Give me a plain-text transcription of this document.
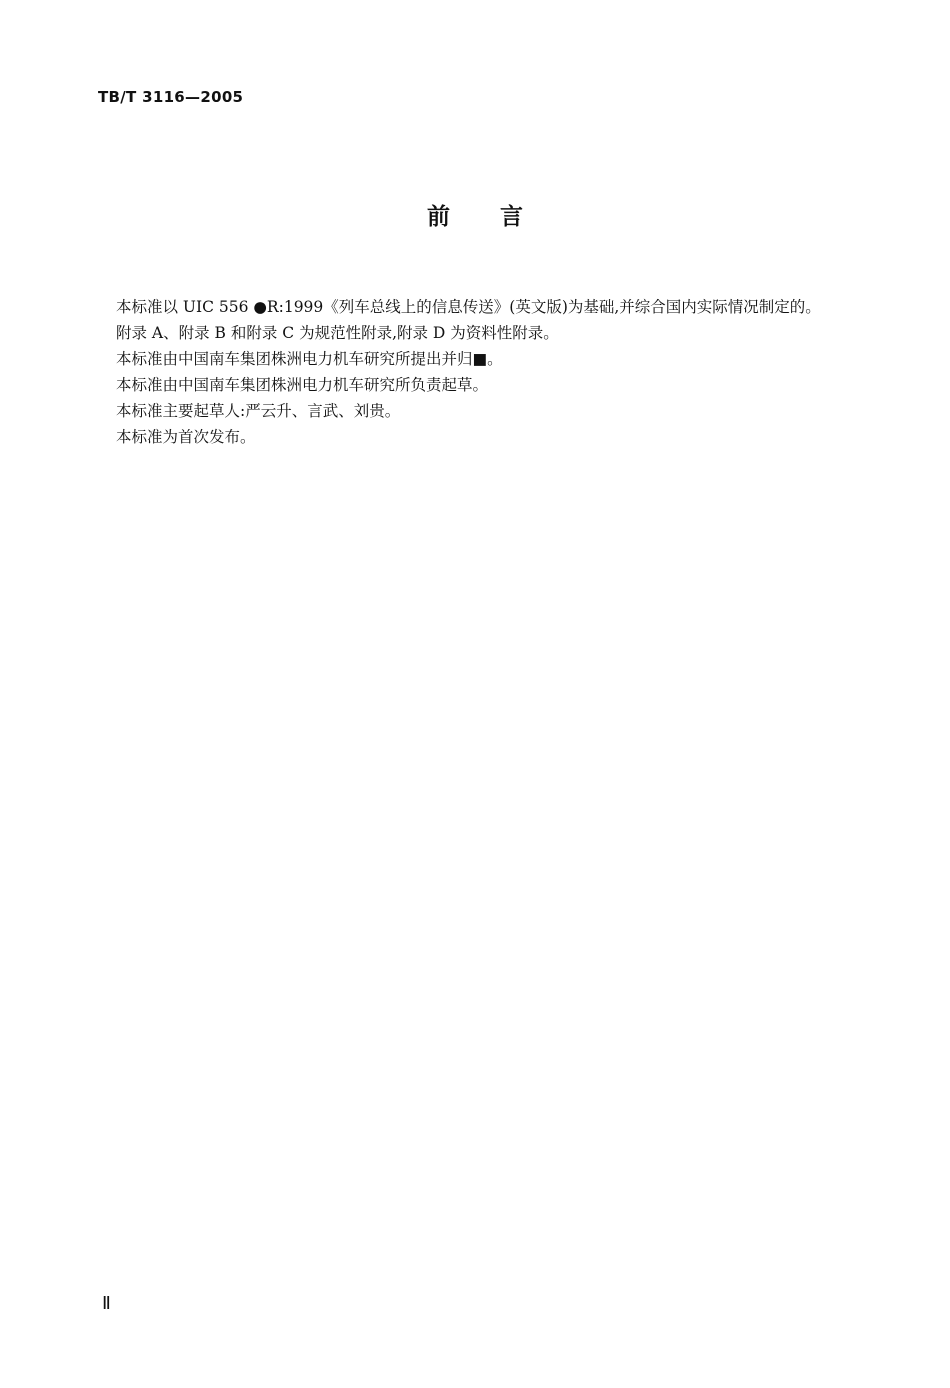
TB/T 3116—2005
前 言

本标准以 UIC 556 ●R:1999《列车总线上的信息传送》(英文版)为基础,并综合国内实际情况制定的。

附录 A、附录 B 和附录 C 为规范性附录,附录 D 为资料性附录。

本标准由中国南车集团株洲电力机车研究所提出并归■。

本标准由中国南车集团株洲电力机车研究所负责起草。

本标准主要起草人:严云升、言武、刘贵。

本标准为首次发布。

Ⅱ
